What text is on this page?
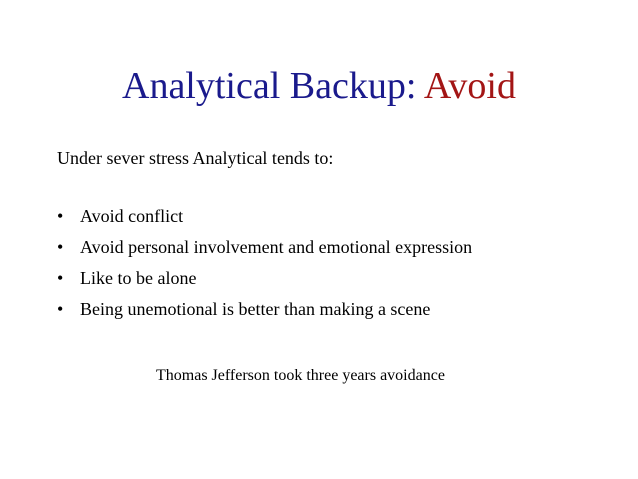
Analytical Backup: Avoid
Under sever stress Analytical tends to:
• Avoid conflict
• Avoid personal involvement and emotional expression
• Like to be alone
• Being unemotional is better than making a scene
Thomas Jefferson took three years avoidance
